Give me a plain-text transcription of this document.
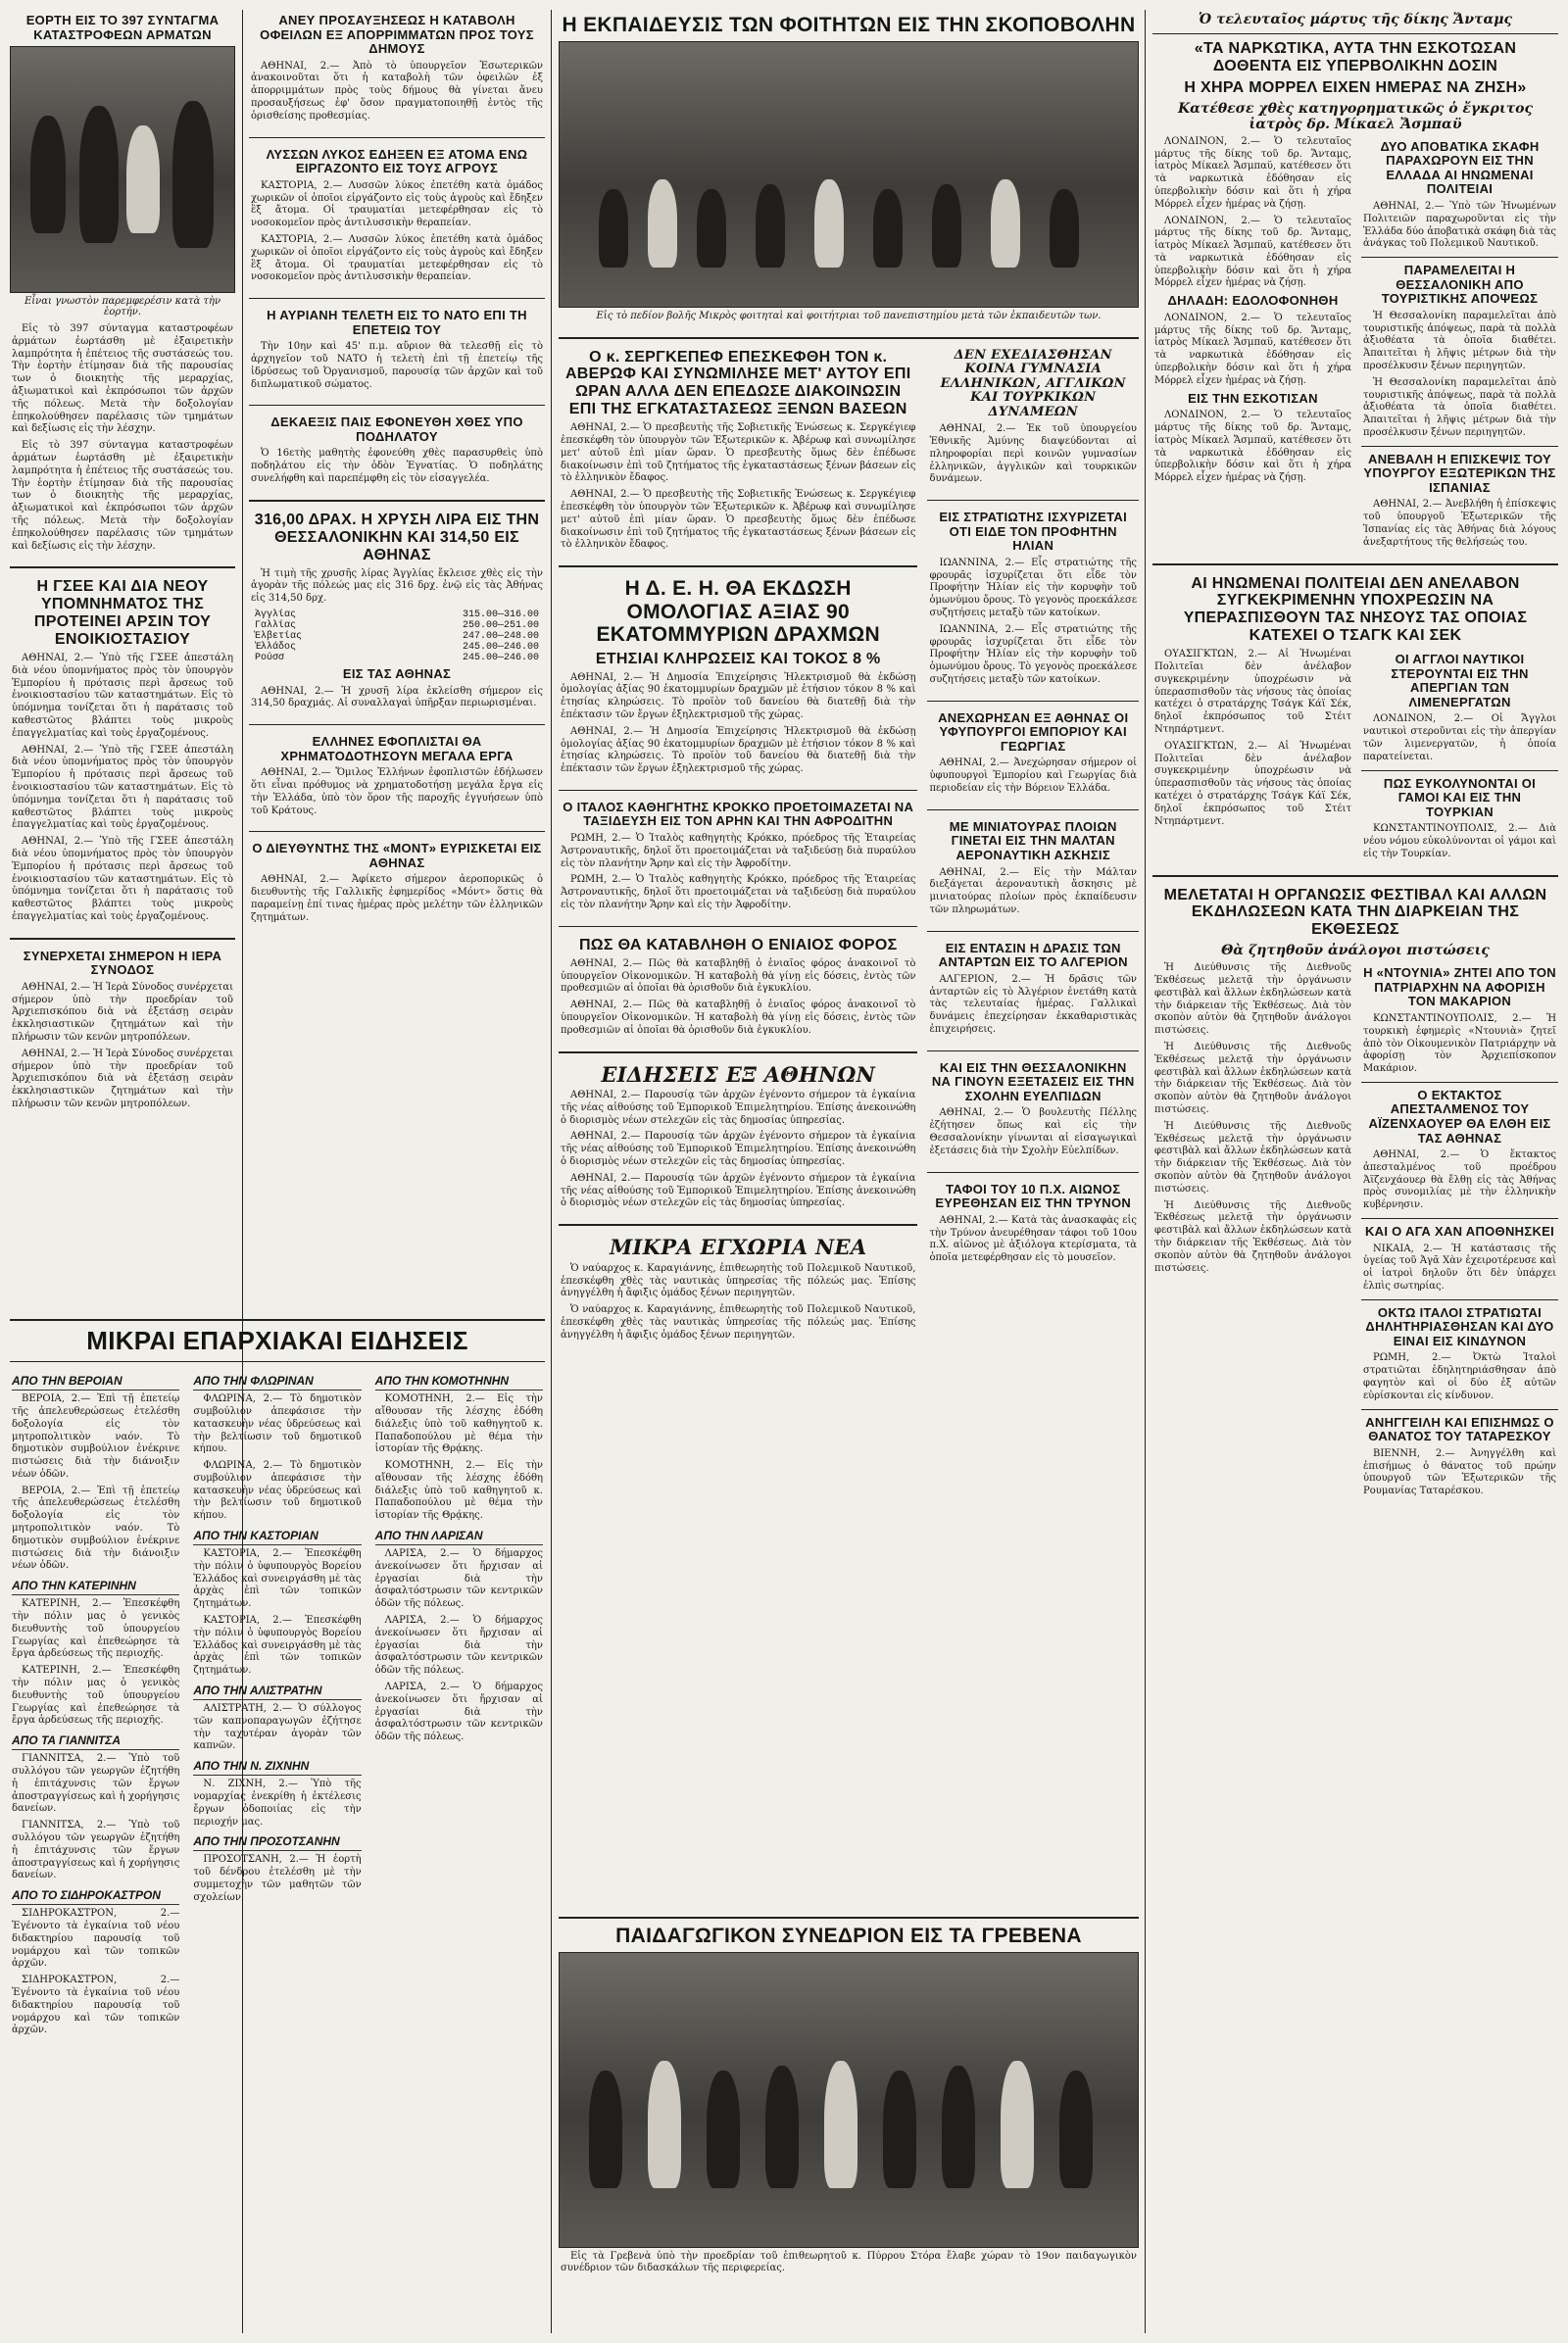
ΕΟΡΤΗ ΕΙΣ ΤΟ 397 ΣΥΝΤΑΓΜΑ ΚΑΤΑΣΤΡΟΦΕΩΝ ΑΡΜΑΤΩΝ
Εἶναι γνωστὸν παρεμφερέσιν κατὰ τὴν ἑορτήν.

Εἰς τὸ 397 σύνταγμα καταστροφέων ἁρμάτων ἐωρτάσθη μὲ ἐξαιρετικὴν λαμπρότητα ἡ ἐπέτειος τῆς συστάσεώς του. Τὴν ἑορτὴν ἐτίμησαν διὰ τῆς παρουσίας των ὁ διοικητὴς τῆς μεραρχίας, ἀξιωματικοὶ καὶ ἐκπρόσωποι τῶν ἀρχῶν τῆς πόλεως. Μετὰ τὴν δοξολογίαν ἐπηκολούθησεν παρέλασις τῶν τμημάτων καὶ δεξίωσις εἰς τὴν λέσχην.

Εἰς τὸ 397 σύνταγμα καταστροφέων ἁρμάτων ἐωρτάσθη μὲ ἐξαιρετικὴν λαμπρότητα ἡ ἐπέτειος τῆς συστάσεώς του. Τὴν ἑορτὴν ἐτίμησαν διὰ τῆς παρουσίας των ὁ διοικητὴς τῆς μεραρχίας, ἀξιωματικοὶ καὶ ἐκπρόσωποι τῶν ἀρχῶν τῆς πόλεως. Μετὰ τὴν δοξολογίαν ἐπηκολούθησεν παρέλασις τῶν τμημάτων καὶ δεξίωσις εἰς τὴν λέσχην.

Η ΓΣΕΕ ΚΑΙ ΔΙΑ ΝΕΟΥ ΥΠΟΜΝΗΜΑΤΟΣ ΤΗΣ ΠΡΟΤΕΙΝΕΙ ΑΡΣΙΝ ΤΟΥ ΕΝΟΙΚΙΟΣΤΑΣΙΟΥ

ΑΘΗΝΑΙ, 2.— Ὑπὸ τῆς ΓΣΕΕ ἀπεστάλη διὰ νέου ὑπομνήματος πρὸς τὸν ὑπουργὸν Ἐμπορίου ἡ πρότασις περὶ ἄρσεως τοῦ ἐνοικιοστασίου τῶν καταστημάτων. Εἰς τὸ ὑπόμνημα τονίζεται ὅτι ἡ παράτασις τοῦ καθεστῶτος βλάπτει τοὺς μικροὺς ἐπαγγελματίας καὶ τοὺς ἐργαζομένους.

ΑΘΗΝΑΙ, 2.— Ὑπὸ τῆς ΓΣΕΕ ἀπεστάλη διὰ νέου ὑπομνήματος πρὸς τὸν ὑπουργὸν Ἐμπορίου ἡ πρότασις περὶ ἄρσεως τοῦ ἐνοικιοστασίου τῶν καταστημάτων. Εἰς τὸ ὑπόμνημα τονίζεται ὅτι ἡ παράτασις τοῦ καθεστῶτος βλάπτει τοὺς μικροὺς ἐπαγγελματίας καὶ τοὺς ἐργαζομένους.

ΑΘΗΝΑΙ, 2.— Ὑπὸ τῆς ΓΣΕΕ ἀπεστάλη διὰ νέου ὑπομνήματος πρὸς τὸν ὑπουργὸν Ἐμπορίου ἡ πρότασις περὶ ἄρσεως τοῦ ἐνοικιοστασίου τῶν καταστημάτων. Εἰς τὸ ὑπόμνημα τονίζεται ὅτι ἡ παράτασις τοῦ καθεστῶτος βλάπτει τοὺς μικροὺς ἐπαγγελματίας καὶ τοὺς ἐργαζομένους.

ΣΥΝΕΡΧΕΤΑΙ ΣΗΜΕΡΟΝ Η ΙΕΡΑ ΣΥΝΟΔΟΣ

ΑΘΗΝΑΙ, 2.— Ἡ Ἱερὰ Σύνοδος συνέρχεται σήμερον ὑπὸ τὴν προεδρίαν τοῦ Ἀρχιεπισκόπου διὰ νὰ ἐξετάσῃ σειρὰν ἐκκλησιαστικῶν ζητημάτων καὶ τὴν πλήρωσιν τῶν κενῶν μητροπόλεων.

ΑΘΗΝΑΙ, 2.— Ἡ Ἱερὰ Σύνοδος συνέρχεται σήμερον ὑπὸ τὴν προεδρίαν τοῦ Ἀρχιεπισκόπου διὰ νὰ ἐξετάσῃ σειρὰν ἐκκλησιαστικῶν ζητημάτων καὶ τὴν πλήρωσιν τῶν κενῶν μητροπόλεων.

ΑΝΕΥ ΠΡΟΣΑΥΞΗΣΕΩΣ Η ΚΑΤΑΒΟΛΗ ΟΦΕΙΛΩΝ ΕΞ ΑΠΟΡΡΙΜΜΑΤΩΝ ΠΡΟΣ ΤΟΥΣ ΔΗΜΟΥΣ

ΑΘΗΝΑΙ, 2.— Ἀπὸ τὸ ὑπουργεῖον Ἐσωτερικῶν ἀνακοινοῦται ὅτι ἡ καταβολὴ τῶν ὀφειλῶν ἐξ ἀπορριμμάτων πρὸς τοὺς δήμους θὰ γίνεται ἄνευ προσαυξήσεως ἐφ' ὅσον πραγματοποιηθῇ ἐντὸς τῆς ὁρισθείσης προθεσμίας.

ΛΥΣΣΩΝ ΛΥΚΟΣ ΕΔΗΞΕΝ ΕΞ ΑΤΟΜΑ ΕΝΩ ΕΙΡΓΑΖΟΝΤΟ ΕΙΣ ΤΟΥΣ ΑΓΡΟΥΣ

ΚΑΣΤΟΡΙΑ, 2.— Λυσσῶν λύκος ἐπετέθη κατὰ ὁμάδος χωρικῶν οἱ ὁποῖοι εἰργάζοντο εἰς τοὺς ἀγροὺς καὶ ἔδηξεν ἓξ ἄτομα. Οἱ τραυματίαι μετεφέρθησαν εἰς τὸ νοσοκομεῖον πρὸς ἀντιλυσσικὴν θεραπείαν.

ΚΑΣΤΟΡΙΑ, 2.— Λυσσῶν λύκος ἐπετέθη κατὰ ὁμάδος χωρικῶν οἱ ὁποῖοι εἰργάζοντο εἰς τοὺς ἀγροὺς καὶ ἔδηξεν ἓξ ἄτομα. Οἱ τραυματίαι μετεφέρθησαν εἰς τὸ νοσοκομεῖον πρὸς ἀντιλυσσικὴν θεραπείαν.

Η ΑΥΡΙΑΝΗ ΤΕΛΕΤΗ ΕΙΣ ΤΟ ΝΑΤΟ ΕΠΙ ΤΗ ΕΠΕΤΕΙΩ ΤΟΥ

Τὴν 10ην καὶ 45' π.μ. αὔριον θὰ τελεσθῇ εἰς τὸ ἀρχηγεῖον τοῦ ΝΑΤΟ ἡ τελετὴ ἐπὶ τῇ ἐπετείῳ τῆς ἱδρύσεως τοῦ Ὀργανισμοῦ, παρουσίᾳ τῶν ἀρχῶν καὶ τοῦ διπλωματικοῦ σώματος.

ΔΕΚΑΕΞΙΣ ΠΑΙΣ ΕΦΟΝΕΥΘΗ ΧΘΕΣ ΥΠΟ ΠΟΔΗΛΑΤΟΥ

Ὁ 16ετὴς μαθητὴς ἐφονεύθη χθὲς παρασυρθεὶς ὑπὸ ποδηλάτου εἰς τὴν ὁδὸν Ἐγνατίας. Ὁ ποδηλάτης συνελήφθη καὶ παρεπέμφθη εἰς τὸν εἰσαγγελέα.

316,00 ΔΡΑΧ. Η ΧΡΥΣΗ ΛΙΡΑ ΕΙΣ ΤΗΝ ΘΕΣΣΑΛΟΝΙΚΗΝ ΚΑΙ 314,50 ΕΙΣ ΑΘΗΝΑΣ

Ἡ τιμὴ τῆς χρυσῆς λίρας Ἀγγλίας ἔκλεισε χθὲς εἰς τὴν ἀγορὰν τῆς πόλεώς μας εἰς 316 δρχ. ἐνῷ εἰς τὰς Ἀθήνας εἰς 314,50 δρχ.

Ἀγγλίας	315.00—316.00
Γαλλίας	250.00—251.00
Ἐλβετίας	247.00—248.00
Ἑλλάδος	245.00—246.00
Ρούσσ	245.00—246.00
ΕΙΣ ΤΑΣ ΑΘΗΝΑΣ

ΑΘΗΝΑΙ, 2.— Ἡ χρυσῆ λίρα ἐκλείσθη σήμερον εἰς 314,50 δραχμάς. Αἱ συναλλαγαὶ ὑπῆρξαν περιωρισμέναι.

ΕΛΛΗΝΕΣ ΕΦΟΠΛΙΣΤΑΙ ΘΑ ΧΡΗΜΑΤΟΔΟΤΗΣΟΥΝ ΜΕΓΑΛΑ ΕΡΓΑ

ΑΘΗΝΑΙ, 2.— Ὅμιλος Ἑλλήνων ἐφοπλιστῶν ἐδήλωσεν ὅτι εἶναι πρόθυμος νὰ χρηματοδοτήσῃ μεγάλα ἔργα εἰς τὴν Ἑλλάδα, ὑπὸ τὸν ὅρον τῆς παροχῆς ἐγγυήσεων ὑπὸ τοῦ Κράτους.

Ο ΔΙΕΥΘΥΝΤΗΣ ΤΗΣ «ΜΟΝΤ» ΕΥΡΙΣΚΕΤΑΙ ΕΙΣ ΑΘΗΝΑΣ

ΑΘΗΝΑΙ, 2.— Ἀφίκετο σήμερον ἀεροπορικῶς ὁ διευθυντὴς τῆς Γαλλικῆς ἐφημερίδος «Μόντ» ὅστις θὰ παραμείνῃ ἐπί τινας ἡμέρας πρὸς μελέτην τῶν ἑλληνικῶν ζητημάτων.

ΜΙΚΡΑΙ ΕΠΑΡΧΙΑΚΑΙ ΕΙΔΗΣΕΙΣ
ΑΠΟ ΤΗΝ ΒΕΡΟΙΑΝ

ΒΕΡΟΙΑ, 2.— Ἐπὶ τῇ ἐπετείῳ τῆς ἀπελευθερώσεως ἐτελέσθη δοξολογία εἰς τὸν μητροπολιτικὸν ναόν. Τὸ δημοτικὸν συμβούλιον ἐνέκρινε πιστώσεις διὰ τὴν διάνοιξιν νέων ὁδῶν.

ΒΕΡΟΙΑ, 2.— Ἐπὶ τῇ ἐπετείῳ τῆς ἀπελευθερώσεως ἐτελέσθη δοξολογία εἰς τὸν μητροπολιτικὸν ναόν. Τὸ δημοτικὸν συμβούλιον ἐνέκρινε πιστώσεις διὰ τὴν διάνοιξιν νέων ὁδῶν.

ΑΠΟ ΤΗΝ ΚΑΤΕΡΙΝΗΝ

ΚΑΤΕΡΙΝΗ, 2.— Ἐπεσκέφθη τὴν πόλιν μας ὁ γενικὸς διευθυντὴς τοῦ ὑπουργείου Γεωργίας καὶ ἐπεθεώρησε τὰ ἔργα ἀρδεύσεως τῆς περιοχῆς.

ΚΑΤΕΡΙΝΗ, 2.— Ἐπεσκέφθη τὴν πόλιν μας ὁ γενικὸς διευθυντὴς τοῦ ὑπουργείου Γεωργίας καὶ ἐπεθεώρησε τὰ ἔργα ἀρδεύσεως τῆς περιοχῆς.

ΑΠΟ ΤΑ ΓΙΑΝΝΙΤΣΑ

ΓΙΑΝΝΙΤΣΑ, 2.— Ὑπὸ τοῦ συλλόγου τῶν γεωργῶν ἐζητήθη ἡ ἐπιτάχυνσις τῶν ἔργων ἀποστραγγίσεως καὶ ἡ χορήγησις δανείων.

ΓΙΑΝΝΙΤΣΑ, 2.— Ὑπὸ τοῦ συλλόγου τῶν γεωργῶν ἐζητήθη ἡ ἐπιτάχυνσις τῶν ἔργων ἀποστραγγίσεως καὶ ἡ χορήγησις δανείων.

ΑΠΟ ΤΟ ΣΙΔΗΡΟΚΑΣΤΡΟΝ

ΣΙΔΗΡΟΚΑΣΤΡΟΝ, 2.— Ἐγένοντο τὰ ἐγκαίνια τοῦ νέου διδακτηρίου παρουσίᾳ τοῦ νομάρχου καὶ τῶν τοπικῶν ἀρχῶν.

ΣΙΔΗΡΟΚΑΣΤΡΟΝ, 2.— Ἐγένοντο τὰ ἐγκαίνια τοῦ νέου διδακτηρίου παρουσίᾳ τοῦ νομάρχου καὶ τῶν τοπικῶν ἀρχῶν.

ΑΠΟ ΤΗΝ ΦΛΩΡΙΝΑΝ

ΦΛΩΡΙΝΑ, 2.— Τὸ δημοτικὸν συμβούλιον ἀπεφάσισε τὴν κατασκευὴν νέας ὑδρεύσεως καὶ τὴν βελτίωσιν τοῦ δημοτικοῦ κήπου.

ΦΛΩΡΙΝΑ, 2.— Τὸ δημοτικὸν συμβούλιον ἀπεφάσισε τὴν κατασκευὴν νέας ὑδρεύσεως καὶ τὴν βελτίωσιν τοῦ δημοτικοῦ κήπου.

ΑΠΟ ΤΗΝ ΚΑΣΤΟΡΙΑΝ

ΚΑΣΤΟΡΙΑ, 2.— Ἐπεσκέφθη τὴν πόλιν ὁ ὑφυπουργὸς Βορείου Ἑλλάδος καὶ συνειργάσθη μὲ τὰς ἀρχὰς ἐπὶ τῶν τοπικῶν ζητημάτων.

ΚΑΣΤΟΡΙΑ, 2.— Ἐπεσκέφθη τὴν πόλιν ὁ ὑφυπουργὸς Βορείου Ἑλλάδος καὶ συνειργάσθη μὲ τὰς ἀρχὰς ἐπὶ τῶν τοπικῶν ζητημάτων.

ΑΠΟ ΤΗΝ ΑΛΙΣΤΡΑΤΗΝ

ΑΛΙΣΤΡΑΤΗ, 2.— Ὁ σύλλογος τῶν καπνοπαραγωγῶν ἐζήτησε τὴν ταχυτέραν ἀγορὰν τῶν καπνῶν.

ΑΠΟ ΤΗΝ Ν. ΖΙΧΝΗΝ

Ν. ΖΙΧΝΗ, 2.— Ὑπὸ τῆς νομαρχίας ἐνεκρίθη ἡ ἐκτέλεσις ἔργων ὁδοποιίας εἰς τὴν περιοχήν μας.

ΑΠΟ ΤΗΝ ΠΡΟΣΟΤΣΑΝΗΝ

ΠΡΟΣΟΤΣΑΝΗ, 2.— Ἡ ἐορτὴ τοῦ δένδρου ἐτελέσθη μὲ τὴν συμμετοχὴν τῶν μαθητῶν τῶν σχολείων.

ΑΠΟ ΤΗΝ ΚΟΜΟΤΗΝΗΝ

ΚΟΜΟΤΗΝΗ, 2.— Εἰς τὴν αἴθουσαν τῆς λέσχης ἐδόθη διάλεξις ὑπὸ τοῦ καθηγητοῦ κ. Παπαδοπούλου μὲ θέμα τὴν ἱστορίαν τῆς Θρᾴκης.

ΚΟΜΟΤΗΝΗ, 2.— Εἰς τὴν αἴθουσαν τῆς λέσχης ἐδόθη διάλεξις ὑπὸ τοῦ καθηγητοῦ κ. Παπαδοπούλου μὲ θέμα τὴν ἱστορίαν τῆς Θρᾴκης.

ΑΠΟ ΤΗΝ ΛΑΡΙΣΑΝ

ΛΑΡΙΣΑ, 2.— Ὁ δήμαρχος ἀνεκοίνωσεν ὅτι ἤρχισαν αἱ ἐργασίαι διὰ τὴν ἀσφαλτόστρωσιν τῶν κεντρικῶν ὁδῶν τῆς πόλεως.

ΛΑΡΙΣΑ, 2.— Ὁ δήμαρχος ἀνεκοίνωσεν ὅτι ἤρχισαν αἱ ἐργασίαι διὰ τὴν ἀσφαλτόστρωσιν τῶν κεντρικῶν ὁδῶν τῆς πόλεως.

ΛΑΡΙΣΑ, 2.— Ὁ δήμαρχος ἀνεκοίνωσεν ὅτι ἤρχισαν αἱ ἐργασίαι διὰ τὴν ἀσφαλτόστρωσιν τῶν κεντρικῶν ὁδῶν τῆς πόλεως.

Η ΕΚΠΑΙΔΕΥΣΙΣ ΤΩΝ ΦΟΙΤΗΤΩΝ ΕΙΣ ΤΗΝ ΣΚΟΠΟΒΟΛΗΝ
Εἰς τὸ πεδίον βολῆς Μικρὸς φοιτηταὶ καὶ φοιτήτριαι τοῦ πανεπιστημίου μετὰ τῶν ἐκπαιδευτῶν των.
Ο κ. ΣΕΡΓΚΕΠΕΦ ΕΠΕΣΚΕΦΘΗ ΤΟΝ κ. ΑΒΕΡΩΦ ΚΑΙ ΣΥΝΩΜΙΛΗΣΕ ΜΕΤ' ΑΥΤΟΥ ΕΠΙ ΩΡΑΝ ΑΛΛΑ ΔΕΝ ΕΠΕΔΩΣΕ ΔΙΑΚΟΙΝΩΣΙΝ ΕΠΙ ΤΗΣ ΕΓΚΑΤΑΣΤΑΣΕΩΣ ΞΕΝΩΝ ΒΑΣΕΩΝ

ΑΘΗΝΑΙ, 2.— Ὁ πρεσβευτὴς τῆς Σοβιετικῆς Ἑνώσεως κ. Σεργκέγιεφ ἐπεσκέφθη τὸν ὑπουργὸν τῶν Ἐξωτερικῶν κ. Ἀβέρωφ καὶ συνωμίλησε μετ' αὐτοῦ ἐπὶ μίαν ὥραν. Ὁ πρεσβευτὴς ὅμως δὲν ἐπέδωσε διακοίνωσιν ἐπὶ τοῦ ζητήματος τῆς ἐγκαταστάσεως ξένων βάσεων εἰς τὸ ἑλληνικὸν ἔδαφος.

ΑΘΗΝΑΙ, 2.— Ὁ πρεσβευτὴς τῆς Σοβιετικῆς Ἑνώσεως κ. Σεργκέγιεφ ἐπεσκέφθη τὸν ὑπουργὸν τῶν Ἐξωτερικῶν κ. Ἀβέρωφ καὶ συνωμίλησε μετ' αὐτοῦ ἐπὶ μίαν ὥραν. Ὁ πρεσβευτὴς ὅμως δὲν ἐπέδωσε διακοίνωσιν ἐπὶ τοῦ ζητήματος τῆς ἐγκαταστάσεως ξένων βάσεων εἰς τὸ ἑλληνικὸν ἔδαφος.

Η Δ. Ε. Η. ΘΑ ΕΚΔΩΣΗ ΟΜΟΛΟΓΙΑΣ ΑΞΙΑΣ 90 ΕΚΑΤΟΜΜΥΡΙΩΝ ΔΡΑΧΜΩΝ
ΕΤΗΣΙΑΙ ΚΛΗΡΩΣΕΙΣ ΚΑΙ ΤΟΚΟΣ 8 %

ΑΘΗΝΑΙ, 2.— Ἡ Δημοσία Ἐπιχείρησις Ἠλεκτρισμοῦ θὰ ἐκδώσῃ ὁμολογίας ἀξίας 90 ἑκατομμυρίων δραχμῶν μὲ ἐτήσιον τόκον 8 % καὶ ἐτησίας κληρώσεις. Τὸ προϊὸν τοῦ δανείου θὰ διατεθῇ διὰ τὴν ἐπέκτασιν τῶν ἔργων ἐξηλεκτρισμοῦ τῆς χώρας.

ΑΘΗΝΑΙ, 2.— Ἡ Δημοσία Ἐπιχείρησις Ἠλεκτρισμοῦ θὰ ἐκδώσῃ ὁμολογίας ἀξίας 90 ἑκατομμυρίων δραχμῶν μὲ ἐτήσιον τόκον 8 % καὶ ἐτησίας κληρώσεις. Τὸ προϊὸν τοῦ δανείου θὰ διατεθῇ διὰ τὴν ἐπέκτασιν τῶν ἔργων ἐξηλεκτρισμοῦ τῆς χώρας.

Ο ΙΤΑΛΟΣ ΚΑΘΗΓΗΤΗΣ ΚΡΟΚΚΟ ΠΡΟΕΤΟΙΜΑΖΕΤΑΙ ΝΑ ΤΑΞΙΔΕΥΣΗ ΕΙΣ ΤΟΝ ΑΡΗΝ ΚΑΙ ΤΗΝ ΑΦΡΟΔΙΤΗΝ

ΡΩΜΗ, 2.— Ὁ Ἰταλὸς καθηγητὴς Κρόκκο, πρόεδρος τῆς Ἑταιρείας Ἀστροναυτικῆς, δηλοῖ ὅτι προετοιμάζεται νὰ ταξιδεύσῃ διὰ πυραύλου εἰς τὸν πλανήτην Ἄρην καὶ εἰς τὴν Ἀφροδίτην.

ΡΩΜΗ, 2.— Ὁ Ἰταλὸς καθηγητὴς Κρόκκο, πρόεδρος τῆς Ἑταιρείας Ἀστροναυτικῆς, δηλοῖ ὅτι προετοιμάζεται νὰ ταξιδεύσῃ διὰ πυραύλου εἰς τὸν πλανήτην Ἄρην καὶ εἰς τὴν Ἀφροδίτην.

ΠΩΣ ΘΑ ΚΑΤΑΒΛΗΘΗ Ο ΕΝΙΑΙΟΣ ΦΟΡΟΣ

ΑΘΗΝΑΙ, 2.— Πῶς θὰ καταβληθῇ ὁ ἑνιαῖος φόρος ἀνακοινοῖ τὸ ὑπουργεῖον Οἰκονομικῶν. Ἡ καταβολὴ θὰ γίνῃ εἰς δόσεις, ἐντὸς τῶν προθεσμιῶν αἱ ὁποῖαι θὰ ὁρισθοῦν διὰ ἐγκυκλίου.

ΑΘΗΝΑΙ, 2.— Πῶς θὰ καταβληθῇ ὁ ἑνιαῖος φόρος ἀνακοινοῖ τὸ ὑπουργεῖον Οἰκονομικῶν. Ἡ καταβολὴ θὰ γίνῃ εἰς δόσεις, ἐντὸς τῶν προθεσμιῶν αἱ ὁποῖαι θὰ ὁρισθοῦν διὰ ἐγκυκλίου.

ΕΙΔΗΣΕΙΣ ΕΞ ΑΘΗΝΩΝ

ΑΘΗΝΑΙ, 2.— Παρουσίᾳ τῶν ἀρχῶν ἐγένοντο σήμερον τὰ ἐγκαίνια τῆς νέας αἰθούσης τοῦ Ἐμπορικοῦ Ἐπιμελητηρίου. Ἐπίσης ἀνεκοινώθη ὁ διορισμὸς νέων στελεχῶν εἰς τὰς δημοσίας ὑπηρεσίας.

ΑΘΗΝΑΙ, 2.— Παρουσίᾳ τῶν ἀρχῶν ἐγένοντο σήμερον τὰ ἐγκαίνια τῆς νέας αἰθούσης τοῦ Ἐμπορικοῦ Ἐπιμελητηρίου. Ἐπίσης ἀνεκοινώθη ὁ διορισμὸς νέων στελεχῶν εἰς τὰς δημοσίας ὑπηρεσίας.

ΑΘΗΝΑΙ, 2.— Παρουσίᾳ τῶν ἀρχῶν ἐγένοντο σήμερον τὰ ἐγκαίνια τῆς νέας αἰθούσης τοῦ Ἐμπορικοῦ Ἐπιμελητηρίου. Ἐπίσης ἀνεκοινώθη ὁ διορισμὸς νέων στελεχῶν εἰς τὰς δημοσίας ὑπηρεσίας.

ΜΙΚΡΑ ΕΓΧΩΡΙΑ ΝΕΑ

Ὁ ναύαρχος κ. Καραγιάννης, ἐπιθεωρητὴς τοῦ Πολεμικοῦ Ναυτικοῦ, ἐπεσκέφθη χθὲς τὰς ναυτικὰς ὑπηρεσίας τῆς πόλεώς μας. Ἐπίσης ἀνηγγέλθη ἡ ἄφιξις ὁμάδος ξένων περιηγητῶν.

Ὁ ναύαρχος κ. Καραγιάννης, ἐπιθεωρητὴς τοῦ Πολεμικοῦ Ναυτικοῦ, ἐπεσκέφθη χθὲς τὰς ναυτικὰς ὑπηρεσίας τῆς πόλεώς μας. Ἐπίσης ἀνηγγέλθη ἡ ἄφιξις ὁμάδος ξένων περιηγητῶν.

ΔΕΝ ΕΧΕΔΙΑΣΘΗΣΑΝ ΚΟΙΝΑ ΓΥΜΝΑΣΙΑ ΕΛΛΗΝΙΚΩΝ, ΑΓΓΛΙΚΩΝ ΚΑΙ ΤΟΥΡΚΙΚΩΝ ΔΥΝΑΜΕΩΝ

ΑΘΗΝΑΙ, 2.— Ἐκ τοῦ ὑπουργείου Ἐθνικῆς Ἀμύνης διαψεύδονται αἱ πληροφορίαι περὶ κοινῶν γυμνασίων ἑλληνικῶν, ἀγγλικῶν καὶ τουρκικῶν δυνάμεων.

ΕΙΣ ΣΤΡΑΤΙΩΤΗΣ ΙΣΧΥΡΙΖΕΤΑΙ ΟΤΙ ΕΙΔΕ ΤΟΝ ΠΡΟΦΗΤΗΝ ΗΛΙΑΝ

ΙΩΑΝΝΙΝΑ, 2.— Εἷς στρατιώτης τῆς φρουρᾶς ἰσχυρίζεται ὅτι εἶδε τὸν Προφήτην Ἠλίαν εἰς τὴν κορυφὴν τοῦ ὁμωνύμου ὄρους. Τὸ γεγονὸς προεκάλεσε συζητήσεις μεταξὺ τῶν κατοίκων.

ΙΩΑΝΝΙΝΑ, 2.— Εἷς στρατιώτης τῆς φρουρᾶς ἰσχυρίζεται ὅτι εἶδε τὸν Προφήτην Ἠλίαν εἰς τὴν κορυφὴν τοῦ ὁμωνύμου ὄρους. Τὸ γεγονὸς προεκάλεσε συζητήσεις μεταξὺ τῶν κατοίκων.

ΑΝΕΧΩΡΗΣΑΝ ΕΞ ΑΘΗΝΑΣ ΟΙ ΥΦΥΠΟΥΡΓΟΙ ΕΜΠΟΡΙΟΥ ΚΑΙ ΓΕΩΡΓΙΑΣ

ΑΘΗΝΑΙ, 2.— Ἀνεχώρησαν σήμερον οἱ ὑφυπουργοὶ Ἐμπορίου καὶ Γεωργίας διὰ περιοδείαν εἰς τὴν Βόρειον Ἑλλάδα.

ΜΕ ΜΙΝΙΑΤΟΥΡΑΣ ΠΛΟΙΩΝ ΓΙΝΕΤΑΙ ΕΙΣ ΤΗΝ ΜΑΛΤΑΝ ΑΕΡΟΝΑΥΤΙΚΗ ΑΣΚΗΣΙΣ

ΑΘΗΝΑΙ, 2.— Εἰς τὴν Μάλταν διεξάγεται ἀεροναυτικὴ ἄσκησις μὲ μινιατούρας πλοίων πρὸς ἐκπαίδευσιν τῶν πληρωμάτων.

ΕΙΣ ΕΝΤΑΣΙΝ Η ΔΡΑΣΙΣ ΤΩΝ ΑΝΤΑΡΤΩΝ ΕΙΣ ΤΟ ΑΛΓΕΡΙΟΝ

ΑΛΓΕΡΙΟΝ, 2.— Ἡ δρᾶσις τῶν ἀνταρτῶν εἰς τὸ Ἀλγέριον ἐνετάθη κατὰ τὰς τελευταίας ἡμέρας. Γαλλικαὶ δυνάμεις ἐπεχείρησαν ἐκκαθαριστικὰς ἐπιχειρήσεις.

ΚΑΙ ΕΙΣ ΤΗΝ ΘΕΣΣΑΛΟΝΙΚΗΝ ΝΑ ΓΙΝΟΥΝ ΕΞΕΤΑΣΕΙΣ ΕΙΣ ΤΗΝ ΣΧΟΛΗΝ ΕΥΕΛΠΙΔΩΝ

ΑΘΗΝΑΙ, 2.— Ὁ βουλευτὴς Πέλλης ἐζήτησεν ὅπως καὶ εἰς τὴν Θεσσαλονίκην γίνωνται αἱ εἰσαγωγικαὶ ἐξετάσεις διὰ τὴν Σχολὴν Εὐελπίδων.

ΤΑΦΟΙ ΤΟΥ 10 Π.Χ. ΑΙΩΝΟΣ ΕΥΡΕΘΗΣΑΝ ΕΙΣ ΤΗΝ ΤΡΥΝΟΝ

ΑΘΗΝΑΙ, 2.— Κατὰ τὰς ἀνασκαφὰς εἰς τὴν Τρύνον ἀνευρέθησαν τάφοι τοῦ 10ου π.Χ. αἰῶνος μὲ ἀξιόλογα κτερίσματα, τὰ ὁποῖα μετεφέρθησαν εἰς τὸ μουσεῖον.

ΠΑΙΔΑΓΩΓΙΚΟΝ ΣΥΝΕΔΡΙΟΝ ΕΙΣ ΤΑ ΓΡΕΒΕΝΑ

Εἰς τὰ Γρεβενὰ ὑπὸ τὴν προεδρίαν τοῦ ἐπιθεωρητοῦ κ. Πύρρου Στόρα ἔλαβε χώραν τὸ 19ον παιδαγωγικὸν συνέδριον τῶν διδασκάλων τῆς περιφερείας.

Ὁ τελευταῖος μάρτυς τῆς δίκης Ἄνταμς
«ΤΑ ΝΑΡΚΩΤΙΚΑ, ΑΥΤΑ ΤΗΝ ΕΣΚΟΤΩΣΑΝ ΔΟΘΕΝΤΑ ΕΙΣ ΥΠΕΡΒΟΛΙΚΗΝ ΔΟΣΙΝ
Η ΧΗΡΑ ΜΟΡΡΕΛ ΕΙΧΕΝ ΗΜΕΡΑΣ ΝΑ ΖΗΣΗ»
Κατέθεσε χθὲς κατηγορηματικῶς ὁ ἔγκριτος ἰατρὸς δρ. Μίκαελ Ἄσμπαϋ

ΛΟΝΔΙΝΟΝ, 2.— Ὁ τελευταῖος μάρτυς τῆς δίκης τοῦ δρ. Ἄνταμς, ἰατρὸς Μίκαελ Ἄσμπαϋ, κατέθεσεν ὅτι τὰ ναρκωτικὰ ἐδόθησαν εἰς ὑπερβολικὴν δόσιν καὶ ὅτι ἡ χήρα Μόρρελ εἶχεν ἡμέρας νὰ ζήσῃ.

ΛΟΝΔΙΝΟΝ, 2.— Ὁ τελευταῖος μάρτυς τῆς δίκης τοῦ δρ. Ἄνταμς, ἰατρὸς Μίκαελ Ἄσμπαϋ, κατέθεσεν ὅτι τὰ ναρκωτικὰ ἐδόθησαν εἰς ὑπερβολικὴν δόσιν καὶ ὅτι ἡ χήρα Μόρρελ εἶχεν ἡμέρας νὰ ζήσῃ.

ΔΗΛΑΔΗ: ΕΔΟΛΟΦΟΝΗΘΗ

ΛΟΝΔΙΝΟΝ, 2.— Ὁ τελευταῖος μάρτυς τῆς δίκης τοῦ δρ. Ἄνταμς, ἰατρὸς Μίκαελ Ἄσμπαϋ, κατέθεσεν ὅτι τὰ ναρκωτικὰ ἐδόθησαν εἰς ὑπερβολικὴν δόσιν καὶ ὅτι ἡ χήρα Μόρρελ εἶχεν ἡμέρας νὰ ζήσῃ.

ΕΙΣ ΤΗΝ ΕΣΚΟΤΙΣΑΝ

ΛΟΝΔΙΝΟΝ, 2.— Ὁ τελευταῖος μάρτυς τῆς δίκης τοῦ δρ. Ἄνταμς, ἰατρὸς Μίκαελ Ἄσμπαϋ, κατέθεσεν ὅτι τὰ ναρκωτικὰ ἐδόθησαν εἰς ὑπερβολικὴν δόσιν καὶ ὅτι ἡ χήρα Μόρρελ εἶχεν ἡμέρας νὰ ζήσῃ.

ΔΥΟ ΑΠΟΒΑΤΙΚΑ ΣΚΑΦΗ ΠΑΡΑΧΩΡΟΥΝ ΕΙΣ ΤΗΝ ΕΛΛΑΔΑ ΑΙ ΗΝΩΜΕΝΑΙ ΠΟΛΙΤΕΙΑΙ

ΑΘΗΝΑΙ, 2.— Ὑπὸ τῶν Ἡνωμένων Πολιτειῶν παραχωροῦνται εἰς τὴν Ἑλλάδα δύο ἀποβατικὰ σκάφη διὰ τὰς ἀνάγκας τοῦ Πολεμικοῦ Ναυτικοῦ.

ΠΑΡΑΜΕΛΕΙΤΑΙ Η ΘΕΣΣΑΛΟΝΙΚΗ ΑΠΟ ΤΟΥΡΙΣΤΙΚΗΣ ΑΠΟΨΕΩΣ

Ἡ Θεσσαλονίκη παραμελεῖται ἀπὸ τουριστικῆς ἀπόψεως, παρὰ τὰ πολλὰ ἀξιοθέατα τὰ ὁποῖα διαθέτει. Ἀπαιτεῖται ἡ λῆψις μέτρων διὰ τὴν προσέλκυσιν ξένων περιηγητῶν.

Ἡ Θεσσαλονίκη παραμελεῖται ἀπὸ τουριστικῆς ἀπόψεως, παρὰ τὰ πολλὰ ἀξιοθέατα τὰ ὁποῖα διαθέτει. Ἀπαιτεῖται ἡ λῆψις μέτρων διὰ τὴν προσέλκυσιν ξένων περιηγητῶν.

ΑΝΕΒΑΛΗ Η ΕΠΙΣΚΕΨΙΣ ΤΟΥ ΥΠΟΥΡΓΟΥ ΕΞΩΤΕΡΙΚΩΝ ΤΗΣ ΙΣΠΑΝΙΑΣ

ΑΘΗΝΑΙ, 2.— Ἀνεβλήθη ἡ ἐπίσκεψις τοῦ ὑπουργοῦ Ἐξωτερικῶν τῆς Ἱσπανίας εἰς τὰς Ἀθήνας διὰ λόγους ἀνεξαρτήτους τῆς θελήσεώς του.

ΑΙ ΗΝΩΜΕΝΑΙ ΠΟΛΙΤΕΙΑΙ ΔΕΝ ΑΝΕΛΑΒΟΝ ΣΥΓΚΕΚΡΙΜΕΝΗΝ ΥΠΟΧΡΕΩΣΙΝ ΝΑ ΥΠΕΡΑΣΠΙΣΘΟΥΝ ΤΑΣ ΝΗΣΟΥΣ ΤΑΣ ΟΠΟΙΑΣ ΚΑΤΕΧΕΙ Ο ΤΣΑΓΚ ΚΑΙ ΣΕΚ

ΟΥΑΣΙΓΚΤΩΝ, 2.— Αἱ Ἡνωμέναι Πολιτεῖαι δὲν ἀνέλαβον συγκεκριμένην ὑποχρέωσιν νὰ ὑπερασπισθοῦν τὰς νήσους τὰς ὁποίας κατέχει ὁ στρατάρχης Τσάγκ Κάϊ Σέκ, δηλοῖ ἐκπρόσωπος τοῦ Στέιτ Ντηπάρτμεντ.

ΟΥΑΣΙΓΚΤΩΝ, 2.— Αἱ Ἡνωμέναι Πολιτεῖαι δὲν ἀνέλαβον συγκεκριμένην ὑποχρέωσιν νὰ ὑπερασπισθοῦν τὰς νήσους τὰς ὁποίας κατέχει ὁ στρατάρχης Τσάγκ Κάϊ Σέκ, δηλοῖ ἐκπρόσωπος τοῦ Στέιτ Ντηπάρτμεντ.

ΟΙ ΑΓΓΛΟΙ ΝΑΥΤΙΚΟΙ ΣΤΕΡΟΥΝΤΑΙ ΕΙΣ ΤΗΝ ΑΠΕΡΓΙΑΝ ΤΩΝ ΛΙΜΕΝΕΡΓΑΤΩΝ

ΛΟΝΔΙΝΟΝ, 2.— Οἱ Ἄγγλοι ναυτικοὶ στεροῦνται εἰς τὴν ἀπεργίαν τῶν λιμενεργατῶν, ἡ ὁποία παρατείνεται.

ΠΩΣ ΕΥΚΟΛΥΝΟΝΤΑΙ ΟΙ ΓΑΜΟΙ ΚΑΙ ΕΙΣ ΤΗΝ ΤΟΥΡΚΙΑΝ

ΚΩΝΣΤΑΝΤΙΝΟΥΠΟΛΙΣ, 2.— Διὰ νέου νόμου εὐκολύνονται οἱ γάμοι καὶ εἰς τὴν Τουρκίαν.

ΜΕΛΕΤΑΤΑΙ Η ΟΡΓΑΝΩΣΙΣ ΦΕΣΤΙΒΑΛ ΚΑΙ ΑΛΛΩΝ ΕΚΔΗΛΩΣΕΩΝ ΚΑΤΑ ΤΗΝ ΔΙΑΡΚΕΙΑΝ ΤΗΣ ΕΚΘΕΣΕΩΣ
Θὰ ζητηθοῦν ἀνάλογοι πιστώσεις

Ἡ Διεύθυνσις τῆς Διεθνοῦς Ἐκθέσεως μελετᾷ τὴν ὀργάνωσιν φεστιβὰλ καὶ ἄλλων ἐκδηλώσεων κατὰ τὴν διάρκειαν τῆς Ἐκθέσεως. Διὰ τὸν σκοπὸν αὐτὸν θὰ ζητηθοῦν ἀνάλογοι πιστώσεις.

Ἡ Διεύθυνσις τῆς Διεθνοῦς Ἐκθέσεως μελετᾷ τὴν ὀργάνωσιν φεστιβὰλ καὶ ἄλλων ἐκδηλώσεων κατὰ τὴν διάρκειαν τῆς Ἐκθέσεως. Διὰ τὸν σκοπὸν αὐτὸν θὰ ζητηθοῦν ἀνάλογοι πιστώσεις.

Ἡ Διεύθυνσις τῆς Διεθνοῦς Ἐκθέσεως μελετᾷ τὴν ὀργάνωσιν φεστιβὰλ καὶ ἄλλων ἐκδηλώσεων κατὰ τὴν διάρκειαν τῆς Ἐκθέσεως. Διὰ τὸν σκοπὸν αὐτὸν θὰ ζητηθοῦν ἀνάλογοι πιστώσεις.

Ἡ Διεύθυνσις τῆς Διεθνοῦς Ἐκθέσεως μελετᾷ τὴν ὀργάνωσιν φεστιβὰλ καὶ ἄλλων ἐκδηλώσεων κατὰ τὴν διάρκειαν τῆς Ἐκθέσεως. Διὰ τὸν σκοπὸν αὐτὸν θὰ ζητηθοῦν ἀνάλογοι πιστώσεις.

Η «ΝΤΟΥΝΙΑ» ΖΗΤΕΙ ΑΠΟ ΤΟΝ ΠΑΤΡΙΑΡΧΗΝ ΝΑ ΑΦΟΡΙΣΗ ΤΟΝ ΜΑΚΑΡΙΟΝ

ΚΩΝΣΤΑΝΤΙΝΟΥΠΟΛΙΣ, 2.— Ἡ τουρκικὴ ἐφημερὶς «Ντουνιὰ» ζητεῖ ἀπὸ τὸν Οἰκουμενικὸν Πατριάρχην νὰ ἀφορίσῃ τὸν Ἀρχιεπίσκοπον Μακάριον.

Ο ΕΚΤΑΚΤΟΣ ΑΠΕΣΤΑΛΜΕΝΟΣ ΤΟΥ ΑΪΖΕΝΧΑΟΥΕΡ ΘΑ ΕΛΘΗ ΕΙΣ ΤΑΣ ΑΘΗΝΑΣ

ΑΘΗΝΑΙ, 2.— Ὁ ἔκτακτος ἀπεσταλμένος τοῦ προέδρου Ἀϊζενχάουερ θὰ ἔλθῃ εἰς τὰς Ἀθήνας πρὸς συνομιλίας μὲ τὴν ἑλληνικὴν κυβέρνησιν.

ΚΑΙ Ο ΑΓΑ ΧΑΝ ΑΠΟΘΝΗΣΚΕΙ

ΝΙΚΑΙΑ, 2.— Ἡ κατάστασις τῆς ὑγείας τοῦ Ἀγᾶ Χὰν ἐχειροτέρευσε καὶ οἱ ἰατροὶ δηλοῦν ὅτι δὲν ὑπάρχει ἐλπὶς σωτηρίας.

ΟΚΤΩ ΙΤΑΛΟΙ ΣΤΡΑΤΙΩΤΑΙ ΔΗΛΗΤΗΡΙΑΣΘΗΣΑΝ ΚΑΙ ΔΥΟ ΕΙΝΑΙ ΕΙΣ ΚΙΝΔΥΝΟΝ

ΡΩΜΗ, 2.— Ὀκτὼ Ἰταλοὶ στρατιῶται ἐδηλητηριάσθησαν ἀπὸ φαγητὸν καὶ οἱ δύο ἐξ αὐτῶν εὑρίσκονται εἰς κίνδυνον.

ΑΝΗΓΓΕΙΛΗ ΚΑΙ ΕΠΙΣΗΜΩΣ Ο ΘΑΝΑΤΟΣ ΤΟΥ ΤΑΤΑΡΕΣΚΟΥ

ΒΙΕΝΝΗ, 2.— Ἀνηγγέλθη καὶ ἐπισήμως ὁ θάνατος τοῦ πρώην ὑπουργοῦ τῶν Ἐξωτερικῶν τῆς Ρουμανίας Ταταρέσκου.
